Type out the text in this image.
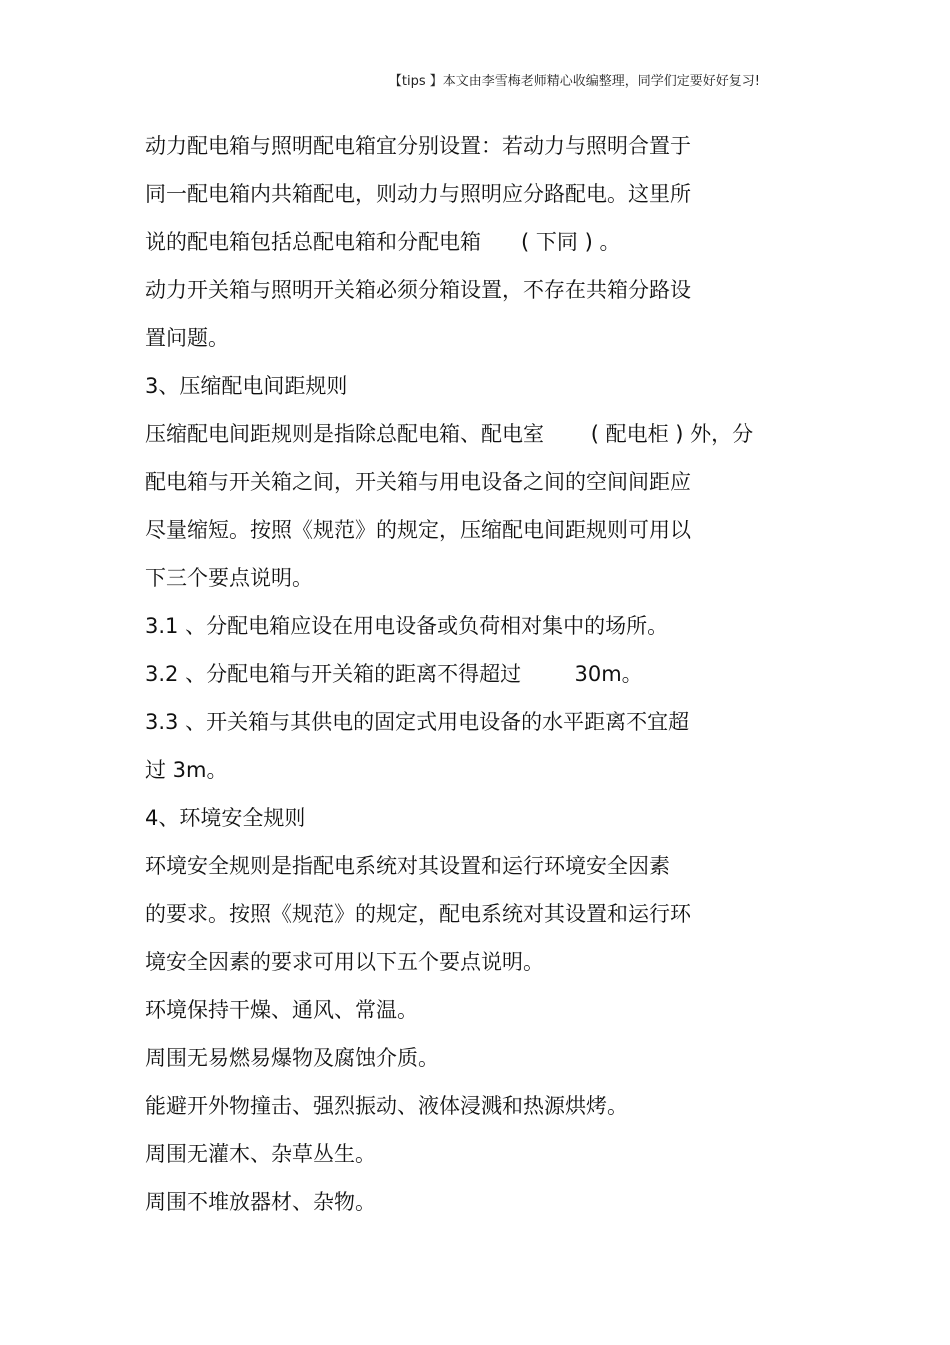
【tips 】本文由李雪梅老师精心收编整理，同学们定要好好复习!
动力配电箱与照明配电箱宜分别设置：若动力与照明合置于
同一配电箱内共箱配电，则动力与照明应分路配电。这里所
说的配电箱包括总配电箱和分配电箱      ( 下同 ) 。
动力开关箱与照明开关箱必须分箱设置，不存在共箱分路设
置问题。
3、压缩配电间距规则
压缩配电间距规则是指除总配电箱、配电室       ( 配电柜 ) 外，分
配电箱与开关箱之间，开关箱与用电设备之间的空间间距应
尽量缩短。按照《规范》的规定，压缩配电间距规则可用以
下三个要点说明。
3.1 、分配电箱应设在用电设备或负荷相对集中的场所。
3.2 、分配电箱与开关箱的距离不得超过        30m。
3.3 、开关箱与其供电的固定式用电设备的水平距离不宜超
过 3m。
4、环境安全规则
环境安全规则是指配电系统对其设置和运行环境安全因素
的要求。按照《规范》的规定，配电系统对其设置和运行环
境安全因素的要求可用以下五个要点说明。
环境保持干燥、通风、常温。
周围无易燃易爆物及腐蚀介质。
能避开外物撞击、强烈振动、液体浸溅和热源烘烤。
周围无灌木、杂草丛生。
周围不堆放器材、杂物。
